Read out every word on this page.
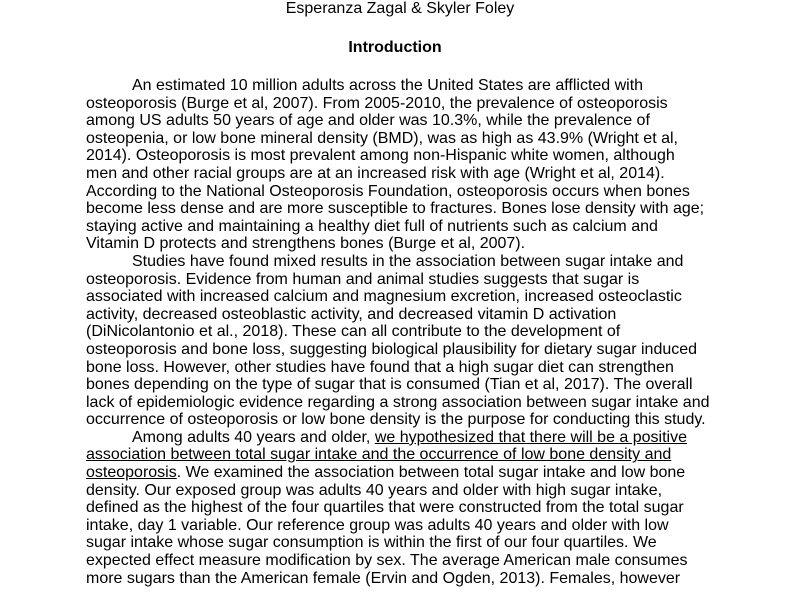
Esperanza Zagal & Skyler Foley

Introduction

An estimated 10 million adults across the United States are afflicted with
osteoporosis (Burge et al, 2007). From 2005-2010, the prevalence of osteoporosis
among US adults 50 years of age and older was 10.3%, while the prevalence of
osteopenia, or low bone mineral density (BMD), was as high as 43.9% (Wright et al,
2014). Osteoporosis is most prevalent among non-Hispanic white women, although
men and other racial groups are at an increased risk with age (Wright et al, 2014).
According to the National Osteoporosis Foundation, osteoporosis occurs when bones
become less dense and are more susceptible to fractures. Bones lose density with age;
staying active and maintaining a healthy diet full of nutrients such as calcium and
Vitamin D protects and strengthens bones (Burge et al, 2007).
Studies have found mixed results in the association between sugar intake and
osteoporosis. Evidence from human and animal studies suggests that sugar is
associated with increased calcium and magnesium excretion, increased osteoclastic
activity, decreased osteoblastic activity, and decreased vitamin D activation
(DiNicolantonio et al., 2018). These can all contribute to the development of
osteoporosis and bone loss, suggesting biological plausibility for dietary sugar induced
bone loss. However, other studies have found that a high sugar diet can strengthen
bones depending on the type of sugar that is consumed (Tian et al, 2017). The overall
lack of epidemiologic evidence regarding a strong association between sugar intake and
occurrence of osteoporosis or low bone density is the purpose for conducting this study.
Among adults 40 years and older, we hypothesized that there will be a positive
association between total sugar intake and the occurrence of low bone density and
osteoporosis. We examined the association between total sugar intake and low bone
density. Our exposed group was adults 40 years and older with high sugar intake,
defined as the highest of the four quartiles that were constructed from the total sugar
intake, day 1 variable. Our reference group was adults 40 years and older with low
sugar intake whose sugar consumption is within the first of our four quartiles. We
expected effect measure modification by sex. The average American male consumes
more sugars than the American female (Ervin and Ogden, 2013). Females, however
